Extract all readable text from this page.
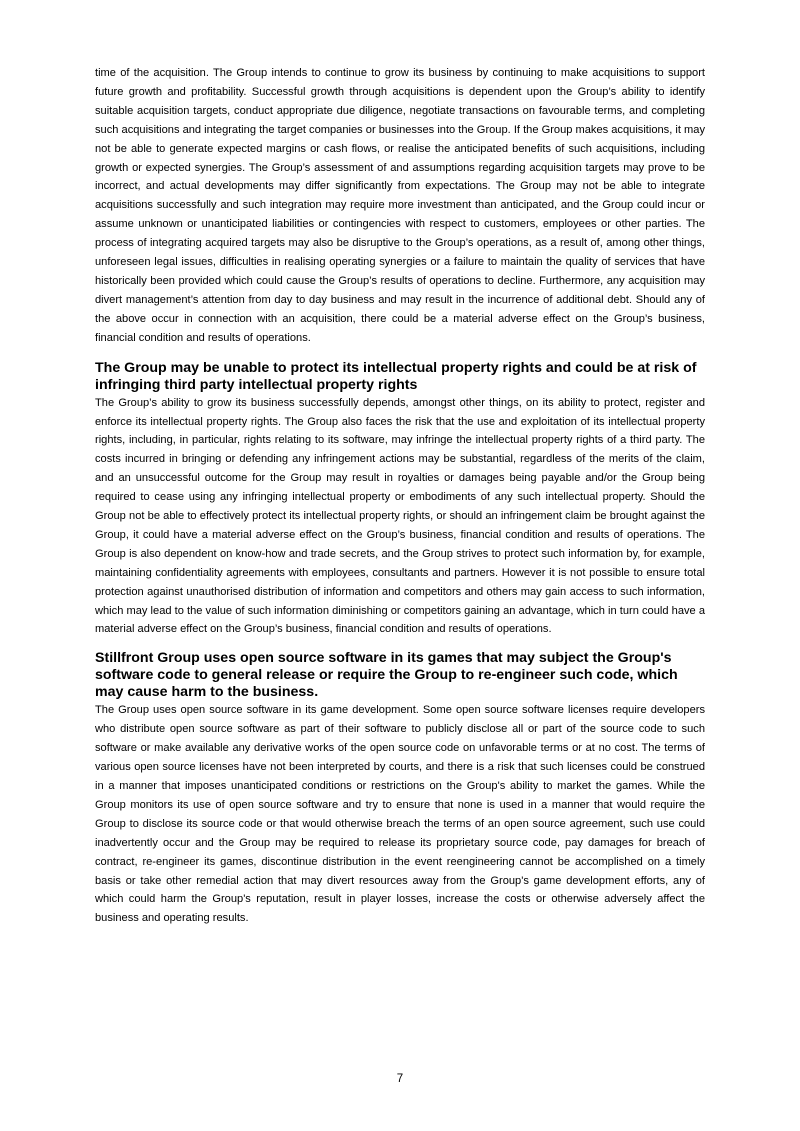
time of the acquisition. The Group intends to continue to grow its business by continuing to make acquisitions to support future growth and profitability. Successful growth through acquisitions is dependent upon the Group’s ability to identify suitable acquisition targets, conduct appropriate due diligence, negotiate transactions on favourable terms, and completing such acquisitions and integrating the target companies or businesses into the Group. If the Group makes acquisitions, it may not be able to generate expected margins or cash flows, or realise the anticipated benefits of such acquisitions, including growth or expected synergies. The Group’s assessment of and assumptions regarding acquisition targets may prove to be incorrect, and actual developments may differ significantly from expectations. The Group may not be able to integrate acquisitions successfully and such integration may require more investment than anticipated, and the Group could incur or assume unknown or unanticipated liabilities or contingencies with respect to customers, employees or other parties. The process of integrating acquired targets may also be disruptive to the Group’s operations, as a result of, among other things, unforeseen legal issues, difficulties in realising operating synergies or a failure to maintain the quality of services that have historically been provided which could cause the Group’s results of operations to decline. Furthermore, any acquisition may divert management’s attention from day to day business and may result in the incurrence of additional debt. Should any of the above occur in connection with an acquisition, there could be a material adverse effect on the Group’s business, financial condition and results of operations.

The Group may be unable to protect its intellectual property rights and could be at risk of infringing third party intellectual property rights

The Group’s ability to grow its business successfully depends, amongst other things, on its ability to protect, register and enforce its intellectual property rights. The Group also faces the risk that the use and exploitation of its intellectual property rights, including, in particular, rights relating to its software, may infringe the intellectual property rights of a third party. The costs incurred in bringing or defending any infringement actions may be substantial, regardless of the merits of the claim, and an unsuccessful outcome for the Group may result in royalties or damages being payable and/or the Group being required to cease using any infringing intellectual property or embodiments of any such intellectual property. Should the Group not be able to effectively protect its intellectual property rights, or should an infringement claim be brought against the Group, it could have a material adverse effect on the Group’s business, financial condition and results of operations. The Group is also dependent on know-how and trade secrets, and the Group strives to protect such information by, for example, maintaining confidentiality agreements with employees, consultants and partners. However it is not possible to ensure total protection against unauthorised distribution of information and competitors and others may gain access to such information, which may lead to the value of such information diminishing or competitors gaining an advantage, which in turn could have a material adverse effect on the Group’s business, financial condition and results of operations.

Stillfront Group uses open source software in its games that may subject the Group's software code to general release or require the Group to re-engineer such code, which may cause harm to the business.

The Group uses open source software in its game development. Some open source software licenses require developers who distribute open source software as part of their software to publicly disclose all or part of the source code to such software or make available any derivative works of the open source code on unfavorable terms or at no cost. The terms of various open source licenses have not been interpreted by courts, and there is a risk that such licenses could be construed in a manner that imposes unanticipated conditions or restrictions on the Group's ability to market the games. While the Group monitors its use of open source software and try to ensure that none is used in a manner that would require the Group to disclose its source code or that would otherwise breach the terms of an open source agreement, such use could inadvertently occur and the Group may be required to release its proprietary source code, pay damages for breach of contract, re-engineer its games, discontinue distribution in the event reengineering cannot be accomplished on a timely basis or take other remedial action that may divert resources away from the Group's game development efforts, any of which could harm the Group's reputation, result in player losses, increase the costs or otherwise adversely affect the business and operating results.

7
